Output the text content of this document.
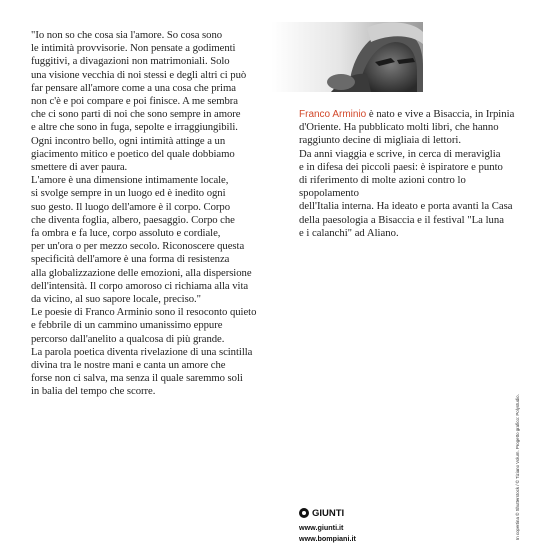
"Io non so che cosa sia l'amore. So cosa sono

le intimità provvisorie. Non pensate a godimenti

fuggitivi, a divagazioni non matrimoniali. Solo

una visione vecchia di noi stessi e degli altri ci può

far pensare all'amore come a una cosa che prima

non c'è e poi compare e poi finisce. A me sembra

che ci sono parti di noi che sono sempre in amore

e altre che sono in fuga, sepolte e irraggiungibili.

Ogni incontro bello, ogni intimità attinge a un

giacimento mitico e poetico del quale dobbiamo

smettere di aver paura.

L'amore è una dimensione intimamente locale,

si svolge sempre in un luogo ed è inedito ogni

suo gesto. Il luogo dell'amore è il corpo. Corpo

che diventa foglia, albero, paesaggio. Corpo che

fa ombra e fa luce, corpo assoluto e cordiale,

per un'ora o per mezzo secolo. Riconoscere questa

specificità dell'amore è una forma di resistenza

alla globalizzazione delle emozioni, alla dispersione

dell'intensità. Il corpo amoroso ci richiama alla vita

da vicino, al suo sapore locale, preciso."

Le poesie di Franco Arminio sono il resoconto quieto

e febbrile di un cammino umanissimo eppure

percorso dall'anelito a qualcosa di più grande.

La parola poetica diventa rivelazione di una scintilla

divina tra le nostre mani e canta un amore che

forse non ci salva, ma senza il quale saremmo soli

in balia del tempo che scorre.

Franco Arminio è nato e vive a Bisaccia, in Irpinia

d'Oriente. Ha pubblicato molti libri, che hanno

raggiunto decine di migliaia di lettori.

Da anni viaggia e scrive, in cerca di meraviglia

e in difesa dei piccoli paesi: è ispiratore e punto

di riferimento di molte azioni contro lo spopolamento

dell'Italia interna. Ha ideato e porta avanti la Casa

della paesologia a Bisaccia e il festival "La luna

e i calanchi" ad Aliano.

GIUNTI
www.giunti.it
www.bompiani.it	In copertina © Shutterstock / © Tiziano Volum. Progetto grafico: Polystudio.
